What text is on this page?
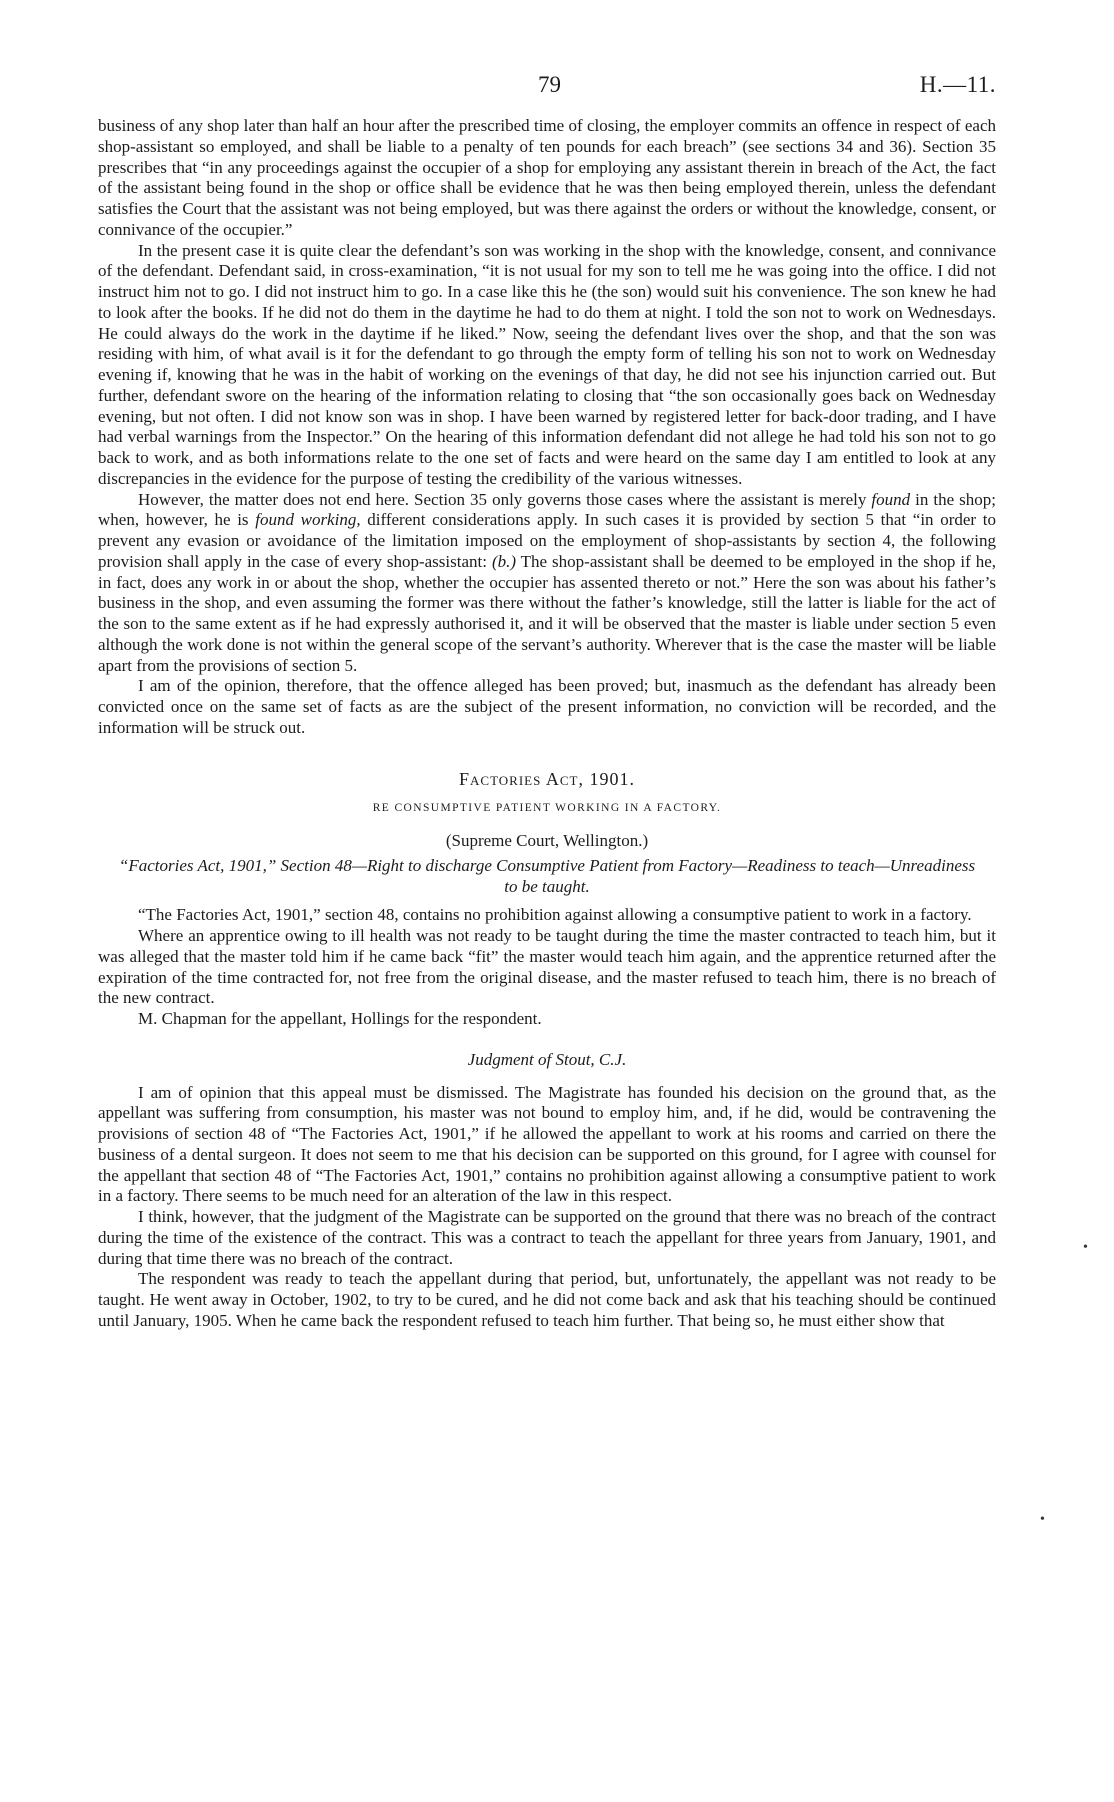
79	H.—11.

business of any shop later than half an hour after the prescribed time of closing, the employer commits an offence in respect of each shop-assistant so employed, and shall be liable to a penalty of ten pounds for each breach” (see sections 34 and 36). Section 35 prescribes that “in any proceedings against the occupier of a shop for employing any assistant therein in breach of the Act, the fact of the assistant being found in the shop or office shall be evidence that he was then being employed therein, unless the defendant satisfies the Court that the assistant was not being employed, but was there against the orders or without the knowledge, consent, or connivance of the occupier.”

In the present case it is quite clear the defendant’s son was working in the shop with the knowledge, consent, and connivance of the defendant. Defendant said, in cross-examination, “it is not usual for my son to tell me he was going into the office. I did not instruct him not to go. I did not instruct him to go. In a case like this he (the son) would suit his convenience. The son knew he had to look after the books. If he did not do them in the daytime he had to do them at night. I told the son not to work on Wednesdays. He could always do the work in the daytime if he liked.” Now, seeing the defendant lives over the shop, and that the son was residing with him, of what avail is it for the defendant to go through the empty form of telling his son not to work on Wednesday evening if, knowing that he was in the habit of working on the evenings of that day, he did not see his injunction carried out. But further, defendant swore on the hearing of the information relating to closing that “the son occasionally goes back on Wednesday evening, but not often. I did not know son was in shop. I have been warned by registered letter for back-door trading, and I have had verbal warnings from the Inspector.” On the hearing of this information defendant did not allege he had told his son not to go back to work, and as both informations relate to the one set of facts and were heard on the same day I am entitled to look at any discrepancies in the evidence for the purpose of testing the credibility of the various witnesses.

However, the matter does not end here. Section 35 only governs those cases where the assistant is merely found in the shop; when, however, he is found working, different considerations apply. In such cases it is provided by section 5 that “in order to prevent any evasion or avoidance of the limitation imposed on the employment of shop-assistants by section 4, the following provision shall apply in the case of every shop-assistant: (b.) The shop-assistant shall be deemed to be employed in the shop if he, in fact, does any work in or about the shop, whether the occupier has assented thereto or not.” Here the son was about his father’s business in the shop, and even assuming the former was there without the father’s knowledge, still the latter is liable for the act of the son to the same extent as if he had expressly authorised it, and it will be observed that the master is liable under section 5 even although the work done is not within the general scope of the servant’s authority. Wherever that is the case the master will be liable apart from the provisions of section 5.

I am of the opinion, therefore, that the offence alleged has been proved; but, inasmuch as the defendant has already been convicted once on the same set of facts as are the subject of the present information, no conviction will be recorded, and the information will be struck out.

Factories Act, 1901.

RE CONSUMPTIVE PATIENT WORKING IN A FACTORY.

(Supreme Court, Wellington.)

“Factories Act, 1901,” Section 48—Right to discharge Consumptive Patient from Factory—Readiness to teach—Unreadiness to be taught.

“The Factories Act, 1901,” section 48, contains no prohibition against allowing a consumptive patient to work in a factory.

Where an apprentice owing to ill health was not ready to be taught during the time the master contracted to teach him, but it was alleged that the master told him if he came back “fit” the master would teach him again, and the apprentice returned after the expiration of the time contracted for, not free from the original disease, and the master refused to teach him, there is no breach of the new contract.

M. Chapman for the appellant, Hollings for the respondent.

Judgment of Stout, C.J.

I am of opinion that this appeal must be dismissed. The Magistrate has founded his decision on the ground that, as the appellant was suffering from consumption, his master was not bound to employ him, and, if he did, would be contravening the provisions of section 48 of “The Factories Act, 1901,” if he allowed the appellant to work at his rooms and carried on there the business of a dental surgeon. It does not seem to me that his decision can be supported on this ground, for I agree with counsel for the appellant that section 48 of “The Factories Act, 1901,” contains no prohibition against allowing a consumptive patient to work in a factory. There seems to be much need for an alteration of the law in this respect.

I think, however, that the judgment of the Magistrate can be supported on the ground that there was no breach of the contract during the time of the existence of the contract. This was a contract to teach the appellant for three years from January, 1901, and during that time there was no breach of the contract.

The respondent was ready to teach the appellant during that period, but, unfortunately, the appellant was not ready to be taught. He went away in October, 1902, to try to be cured, and he did not come back and ask that his teaching should be continued until January, 1905. When he came back the respondent refused to teach him further. That being so, he must either show that

•
•
